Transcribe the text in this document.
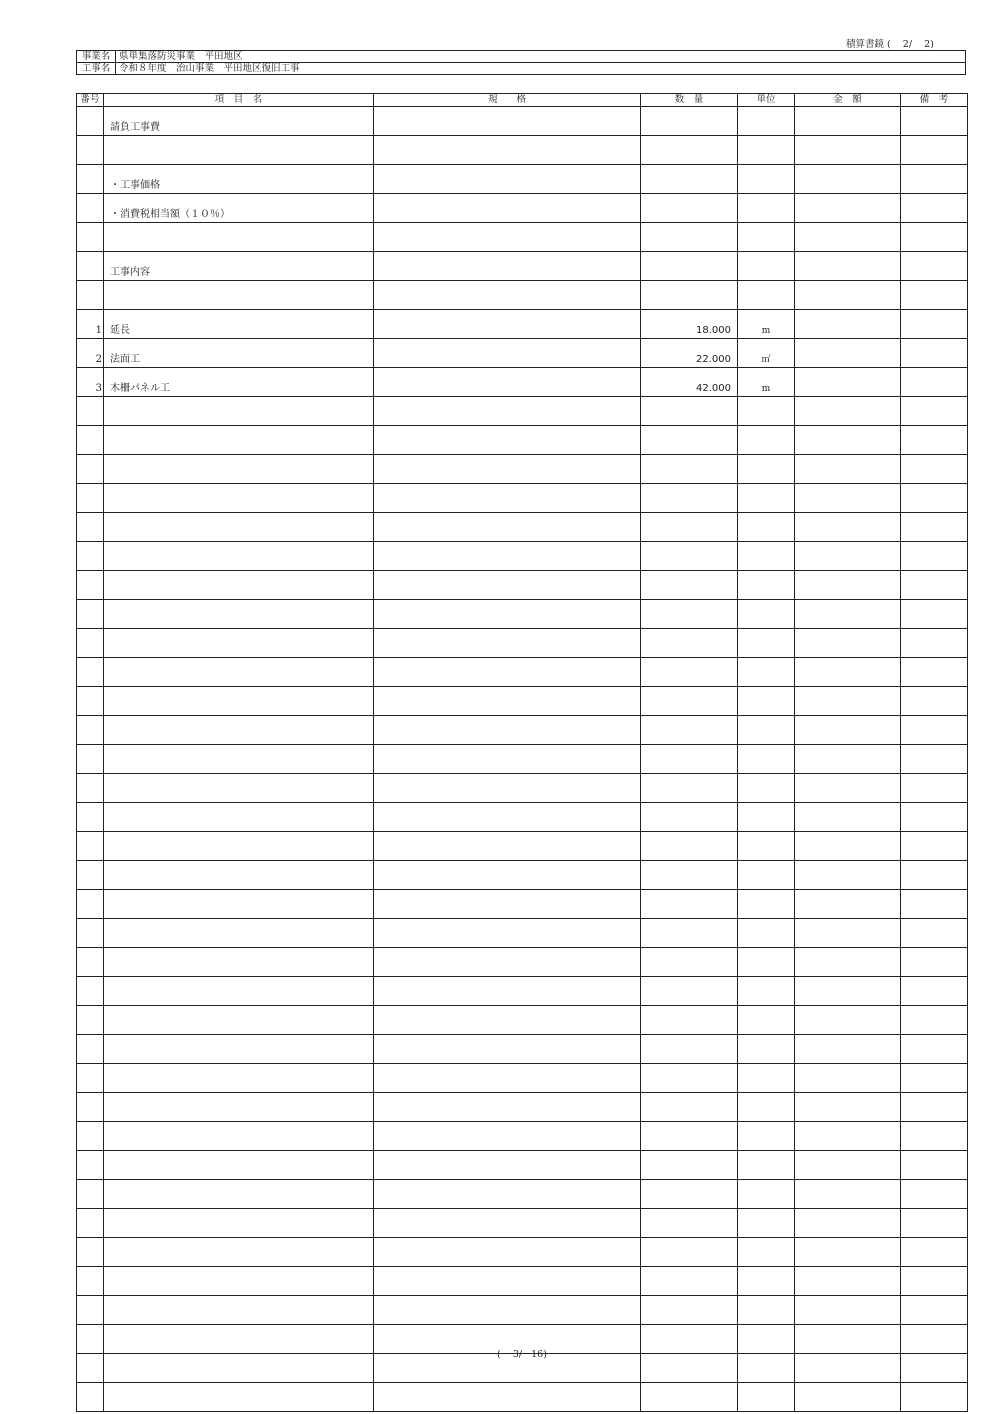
積算書鏡 (    2/    2)
事業名	県単集落防災事業　平田地区
工事名	令和８年度　治山事業　平田地区復旧工事
番号	項　目　名	規　　格	数　量	単位	金　額	備　考
	請負工事費					

	・工事価格					
	・消費税相当額（１０％）					

	工事内容					

1	延長		18.000	m		
2	法面工		22.000	㎡		
3	木柵パネル工		42.000	m		

(    3/   16)
